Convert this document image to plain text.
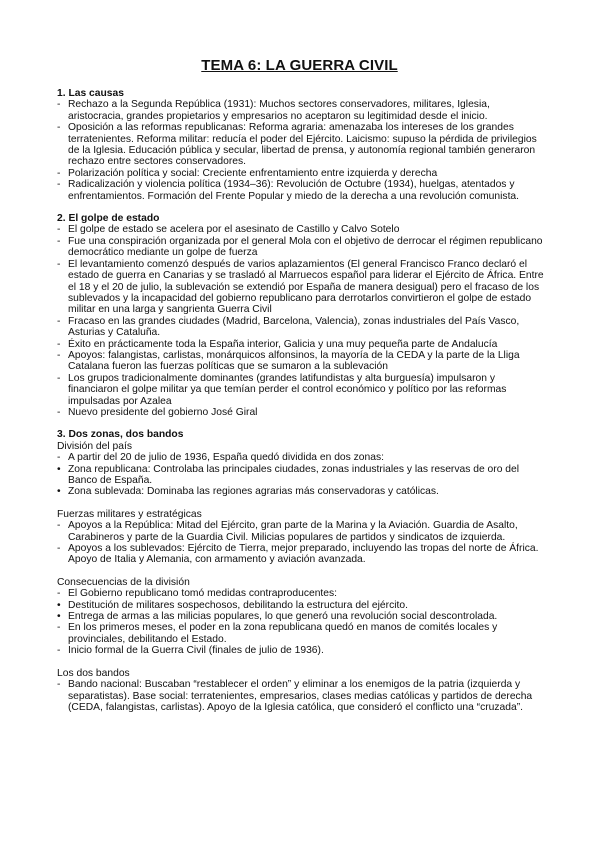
TEMA 6: LA GUERRA CIVIL

1. Las causas

- Rechazo a la Segunda República (1931): Muchos sectores conservadores, militares, Iglesia, aristocracia, grandes propietarios y empresarios no aceptaron su legitimidad desde el inicio.
- Oposición a las reformas republicanas: Reforma agraria: amenazaba los intereses de los grandes terratenientes. Reforma militar: reducía el poder del Ejército. Laicismo: supuso la pérdida de privilegios de la Iglesia. Educación pública y secular, libertad de prensa, y autonomía regional también generaron rechazo entre sectores conservadores.
- Polarización política y social: Creciente enfrentamiento entre izquierda y derecha
- Radicalización y violencia política (1934–36): Revolución de Octubre (1934), huelgas, atentados y enfrentamientos. Formación del Frente Popular y miedo de la derecha a una revolución comunista.

2. El golpe de estado

- El golpe de estado se acelera por el asesinato de Castillo y Calvo Sotelo
- Fue una conspiración organizada por el general Mola con el objetivo de derrocar el régimen republicano democrático mediante un golpe de fuerza
- El levantamiento comenzó después de varios aplazamientos (El general Francisco Franco declaró el estado de guerra en Canarias y se trasladó al Marruecos español para liderar el Ejército de África. Entre el 18 y el 20 de julio, la sublevación se extendió por España de manera desigual) pero el fracaso de los sublevados y la incapacidad del gobierno republicano para derrotarlos convirtieron el golpe de estado militar en una larga y sangrienta Guerra Civil
- Fracaso en las grandes ciudades (Madrid, Barcelona, Valencia), zonas industriales del País Vasco, Asturias y Cataluña.
- Éxito en prácticamente toda la España interior, Galicia y una muy pequeña parte de Andalucía
- Apoyos: falangistas, carlistas, monárquicos alfonsinos, la mayoría de la CEDA y la parte de la Lliga Catalana fueron las fuerzas políticas que se sumaron a la sublevación
- Los grupos tradicionalmente dominantes (grandes latifundistas y alta burguesía) impulsaron y financiaron el golpe militar ya que temían perder el control económico y político por las reformas impulsadas por Azalea
- Nuevo presidente del gobierno José Giral

3. Dos zonas, dos bandos

División del país

- A partir del 20 de julio de 1936, España quedó dividida en dos zonas:
• Zona republicana: Controlaba las principales ciudades, zonas industriales y las reservas de oro del Banco de España.
• Zona sublevada: Dominaba las regiones agrarias más conservadoras y católicas.

Fuerzas militares y estratégicas

- Apoyos a la República: Mitad del Ejército, gran parte de la Marina y la Aviación. Guardia de Asalto, Carabineros y parte de la Guardia Civil. Milicias populares de partidos y sindicatos de izquierda.
- Apoyos a los sublevados: Ejército de Tierra, mejor preparado, incluyendo las tropas del norte de África. Apoyo de Italia y Alemania, con armamento y aviación avanzada.

Consecuencias de la división

- El Gobierno republicano tomó medidas contraproducentes:
• Destitución de militares sospechosos, debilitando la estructura del ejército.
• Entrega de armas a las milicias populares, lo que generó una revolución social descontrolada.
- En los primeros meses, el poder en la zona republicana quedó en manos de comités locales y provinciales, debilitando el Estado.
- Inicio formal de la Guerra Civil (finales de julio de 1936).

Los dos bandos

- Bando nacional: Buscaban “restablecer el orden” y eliminar a los enemigos de la patria (izquierda y separatistas). Base social: terratenientes, empresarios, clases medias católicas y partidos de derecha (CEDA, falangistas, carlistas). Apoyo de la Iglesia católica, que consideró el conflicto una “cruzada”.
